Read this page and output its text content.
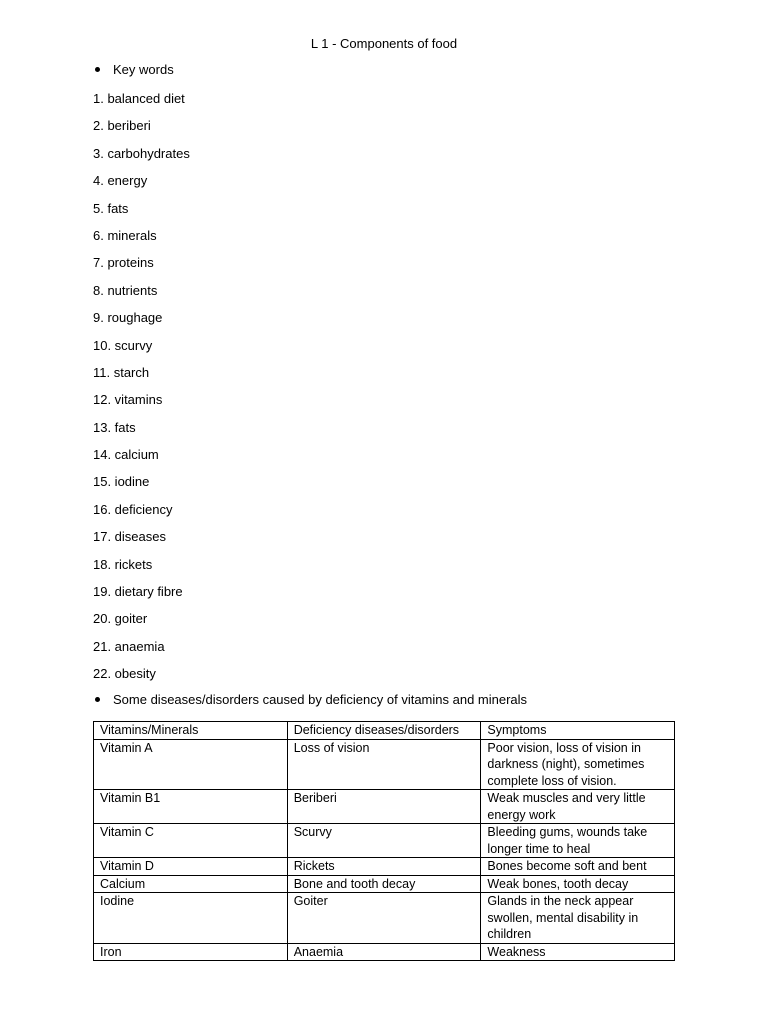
L 1 - Components of food
Key words
1. balanced diet
2. beriberi
3. carbohydrates
4. energy
5. fats
6. minerals
7. proteins
8. nutrients
9. roughage
10. scurvy
11. starch
12. vitamins
13. fats
14. calcium
15. iodine
16. deficiency
17. diseases
18. rickets
19. dietary fibre
20. goiter
21. anaemia
22. obesity
Some diseases/disorders caused by deficiency of vitamins and minerals
Vitamins/Minerals	Deficiency diseases/disorders	Symptoms
Vitamin A	Loss of vision	Poor vision, loss of vision in darkness (night), sometimes complete loss of vision.
Vitamin B1	Beriberi	Weak muscles and very little energy work
Vitamin C	Scurvy	Bleeding gums, wounds take longer time to heal
Vitamin D	Rickets	Bones become soft and bent
Calcium	Bone and tooth decay	Weak bones, tooth decay
Iodine	Goiter	Glands in the neck appear swollen, mental disability in children
Iron	Anaemia	Weakness
